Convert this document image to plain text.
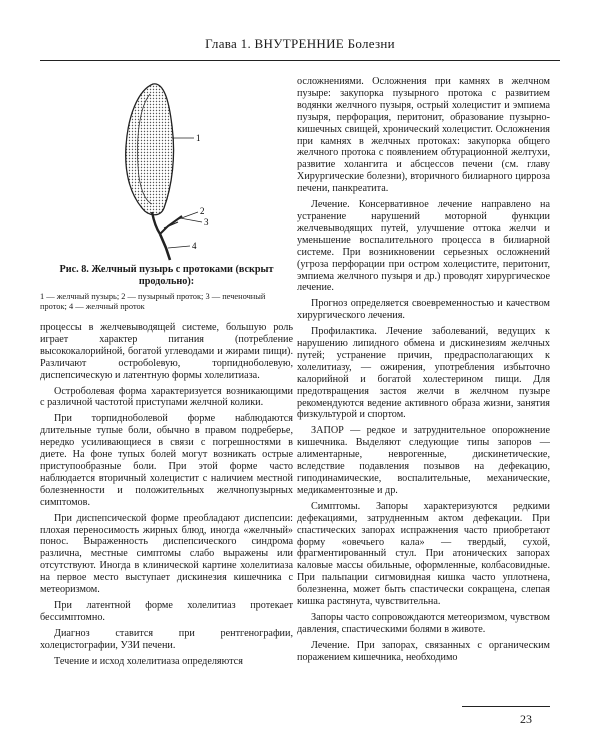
Глава 1. ВНУТРЕННИЕ Болезни
1
2
3
4
Рис. 8. Желчный пузырь с протоками (вскрыт продольно):
1 — желчный пузырь; 2 — пузырный проток; 3 — печеночный проток; 4 — желчный проток

процессы в желчевыводящей системе, большую роль играет характер питания (потребление высококалорийной, богатой углеводами и жирами пищи). Различают остробolевую, торпидноболевую, диспепсическую и латентную формы холелитиаза.

Остроболевая форма характеризуется возникающими с различной частотой приступами желчной колики.

При торпидноболевой форме наблюдаются длительные тупые боли, обычно в правом подреберье, нередко усиливающиеся в связи с погрешностями в диете. На фоне тупых болей могут возникать острые приступообразные боли. При этой форме часто наблюдается вторичный холецистит с наличием местной болезненности и положительных желчнопузырных симптомов.

При диспепсической форме преобладают диспепсии: плохая переносимость жирных блюд, иногда «желчный» понос. Выраженность диспепсического синдрома различна, местные симптомы слабо выражены или отсутствуют. Иногда в клинической картине холелитиаза на первое место выступает дискинезия кишечника с метеоризмом.

При латентной форме холелитиаз протекает бессимптомно.

Диагноз ставится при рентгенографии, холецистографии, УЗИ печени.

Течение и исход холелитиаза определяются

осложнениями. Осложнения при камнях в желчном пузыре: закупорка пузырного протока с развитием водянки желчного пузыря, острый холецистит и эмпиема пузыря, перфорация, перитонит, образование пузырно-кишечных свищей, хронический холецистит. Осложнения при камнях в желчных протоках: закупорка общего желчного протока с появлением обтурационной желтухи, развитие холангита и абсцессов печени (см. главу Хирургические болезни), вторичного билиарного цирроза печени, панкреатита.

Лечение. Консервативное лечение направлено на устранение нарушений моторной функции желчевыводящих путей, улучшение оттока желчи и уменьшение воспалительного процесса в билиарной системе. При возникновении серьезных осложнений (угроза перфорации при остром холецистите, перитонит, эмпиема желчного пузыря и др.) проводят хирургическое лечение.

Прогноз определяется своевременностью и качеством хирургического лечения.

Профилактика. Лечение заболеваний, ведущих к нарушению липидного обмена и дискинезиям желчных путей; устранение причин, предрасполагающих к холелитиазу, — ожирения, употребления избыточно калорийной и богатой холестерином пищи. Для предотвращения застоя желчи в желчном пузыре рекомендуются ведение активного образа жизни, занятия физкультурой и спортом.

ЗАПОР — редкое и затруднительное опорожнение кишечника. Выделяют следующие типы запоров — алиментарные, неврогенные, дискинетические, вследствие подавления позывов на дефекацию, гиподинамические, воспалительные, механические, медикаментозные и др.

Симптомы. Запоры характеризуются редкими дефекациями, затрудненным актом дефекации. При спастических запорах испражнения часто приобретают форму «овечьего кала» — твердый, сухой, фрагментированный стул. При атонических запорах каловые массы обильные, оформленные, колбасовидные. При пальпации сигмовидная кишка часто уплотнена, болезненна, может быть спастически сокращена, слепая кишка растянута, чувствительна.

Запоры часто сопровождаются метеоризмом, чувством давления, спастическими болями в животе.

Лечение. При запорах, связанных с органическим поражением кишечника, необходимо

23
